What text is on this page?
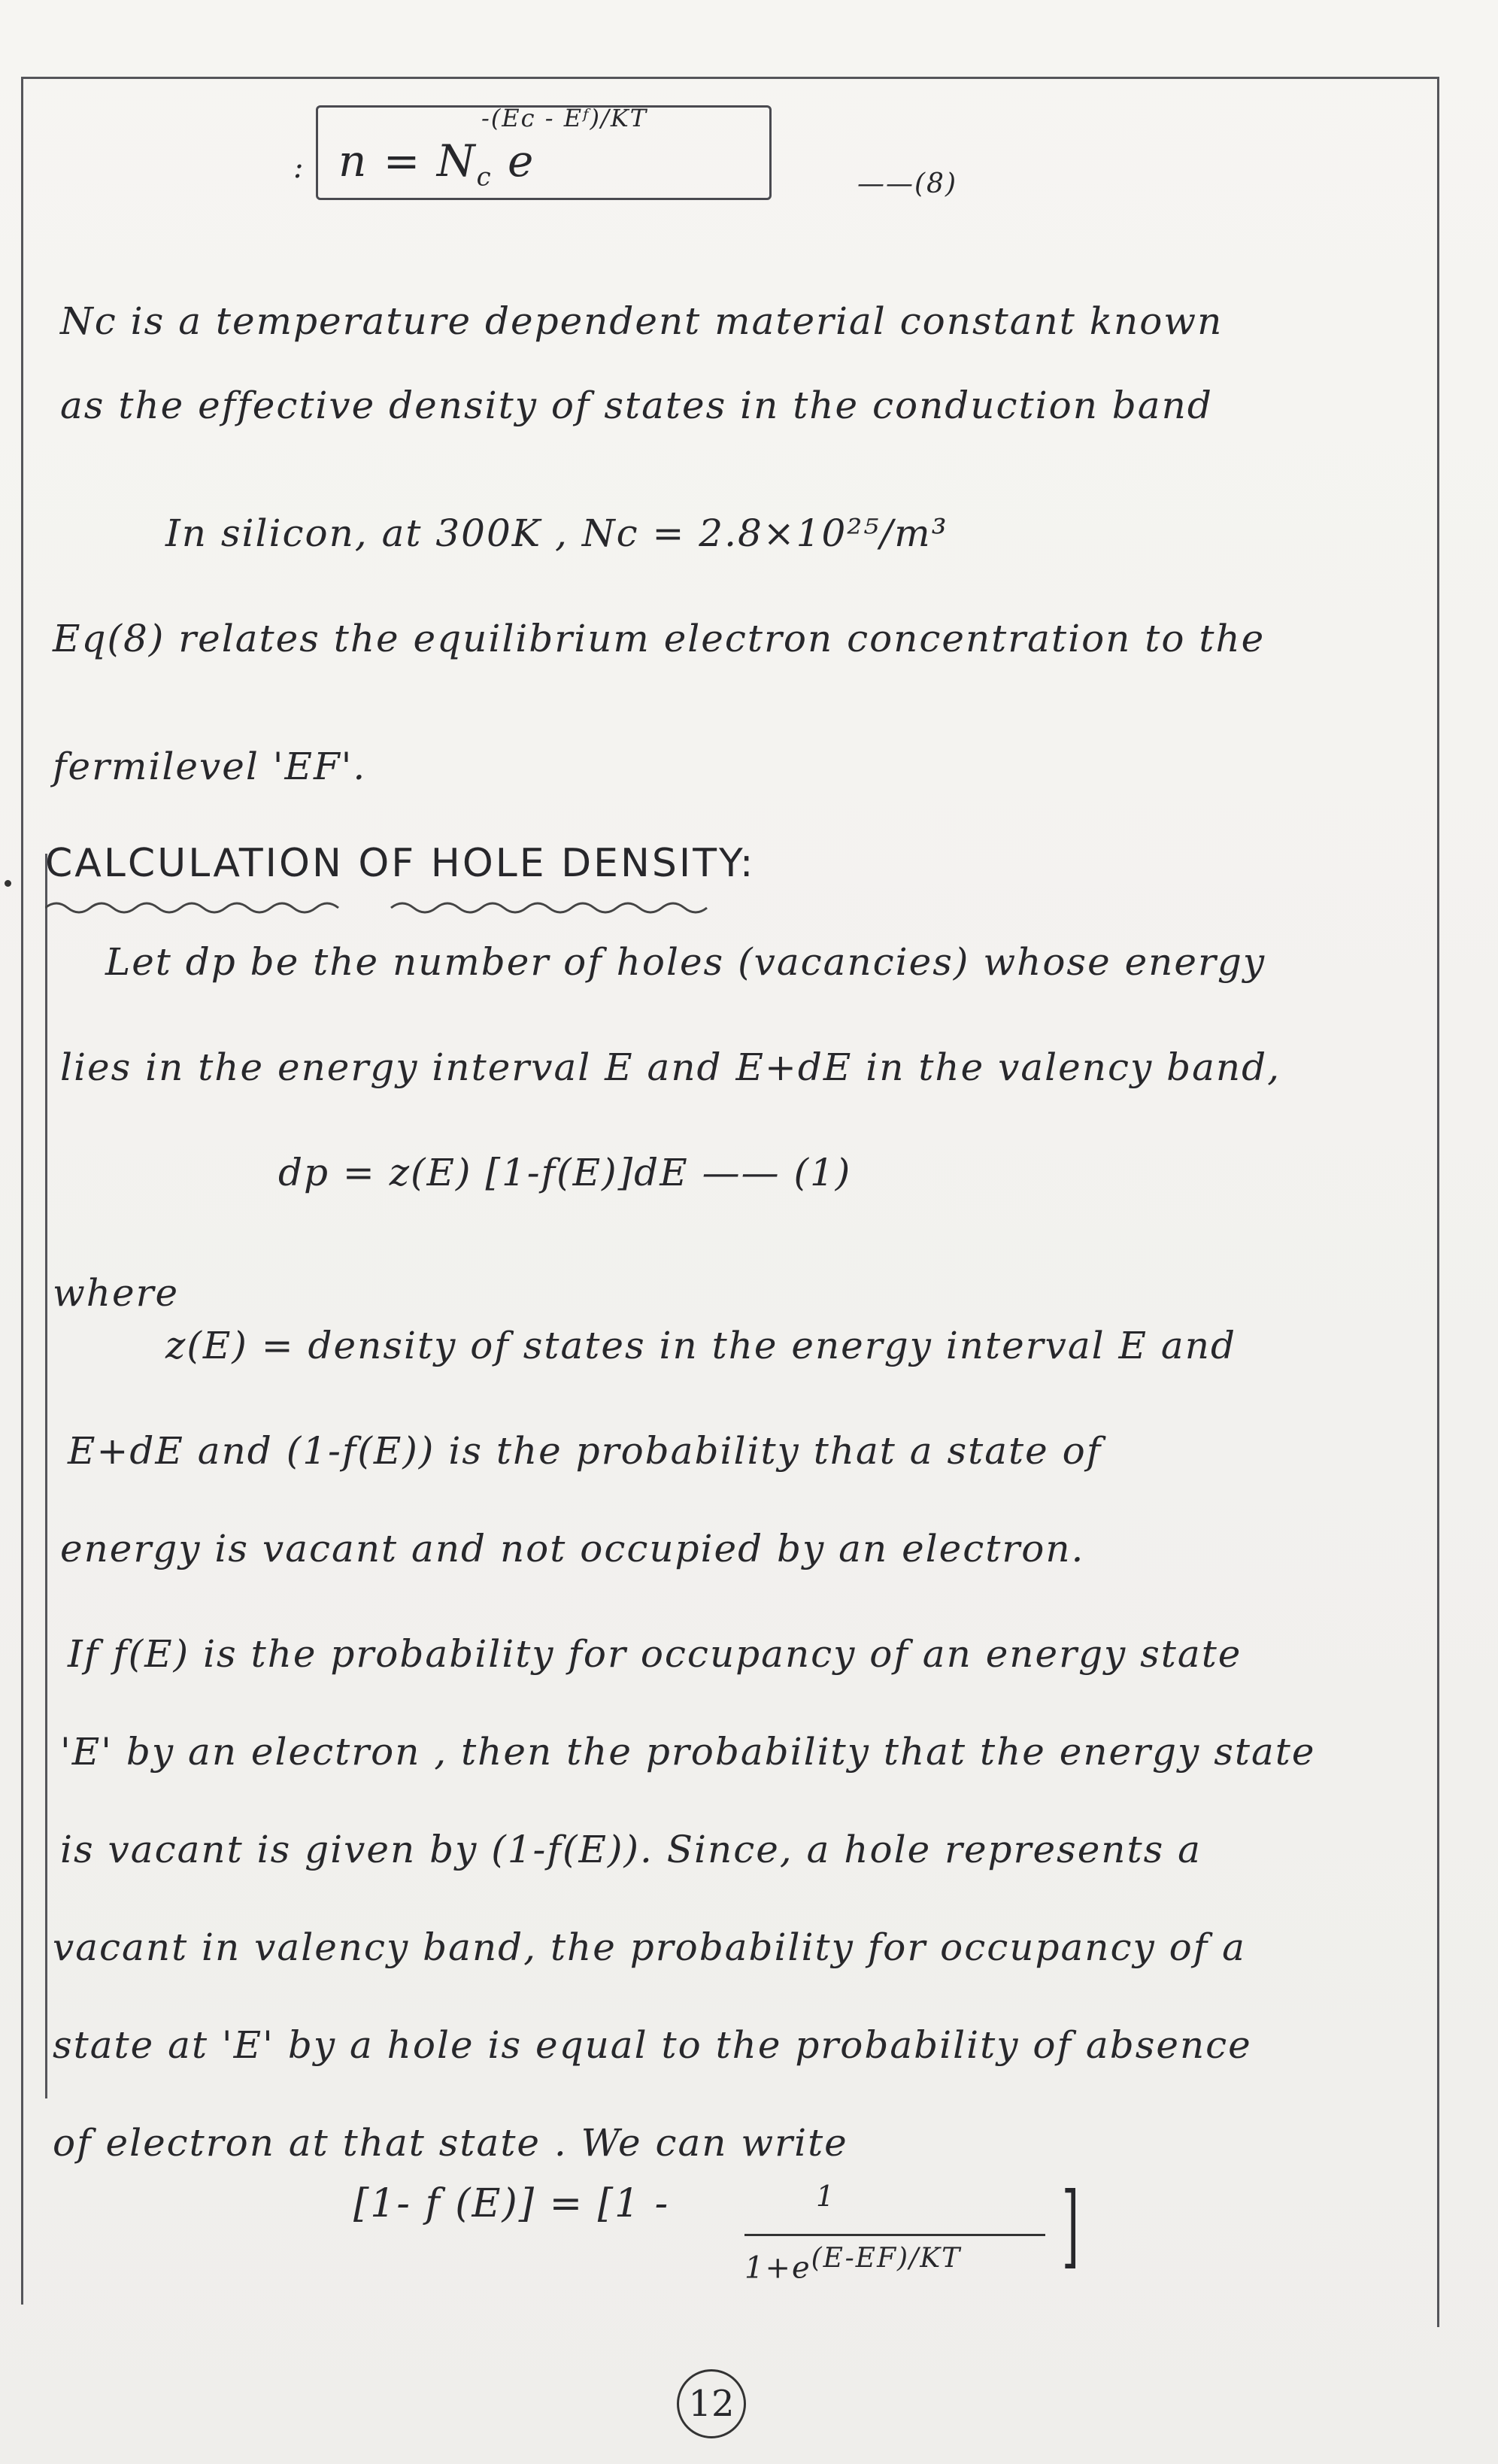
: $n = N_c$ e
-(Eᴄ - Eᶠ)/KT
——(8)
Nc is a temperature dependent material constant known
as the effective density of states in the conduction band
In silicon, at 300K , Nc = 2.8×10²⁵/m³
Eq(8) relates the equilibrium electron concentration to the
fermilevel 'EF'.
CALCULATION OF HOLE DENSITY:
Let dp be the number of holes (vacancies) whose energy
lies in the energy interval E and E+dE in the valency band,
dp = z(E) [1-f(E)]dE —— (1)
where
z(E) = density of states in the energy interval E and
E+dE and (1-f(E)) is the probability that a state of
energy is vacant and not occupied by an electron.
If f(E) is the probability for occupancy of an energy state
'E' by an electron , then the probability that the energy state
is vacant is given by (1-f(E)). Since, a hole represents a
vacant in valency band, the probability for occupancy of a
state at 'E' by a hole is equal to the probability of absence
of electron at that state . We can write
[1- f (E)] = [1 -	1
$1+e^{(E-EF)/KT}$ ]
12
